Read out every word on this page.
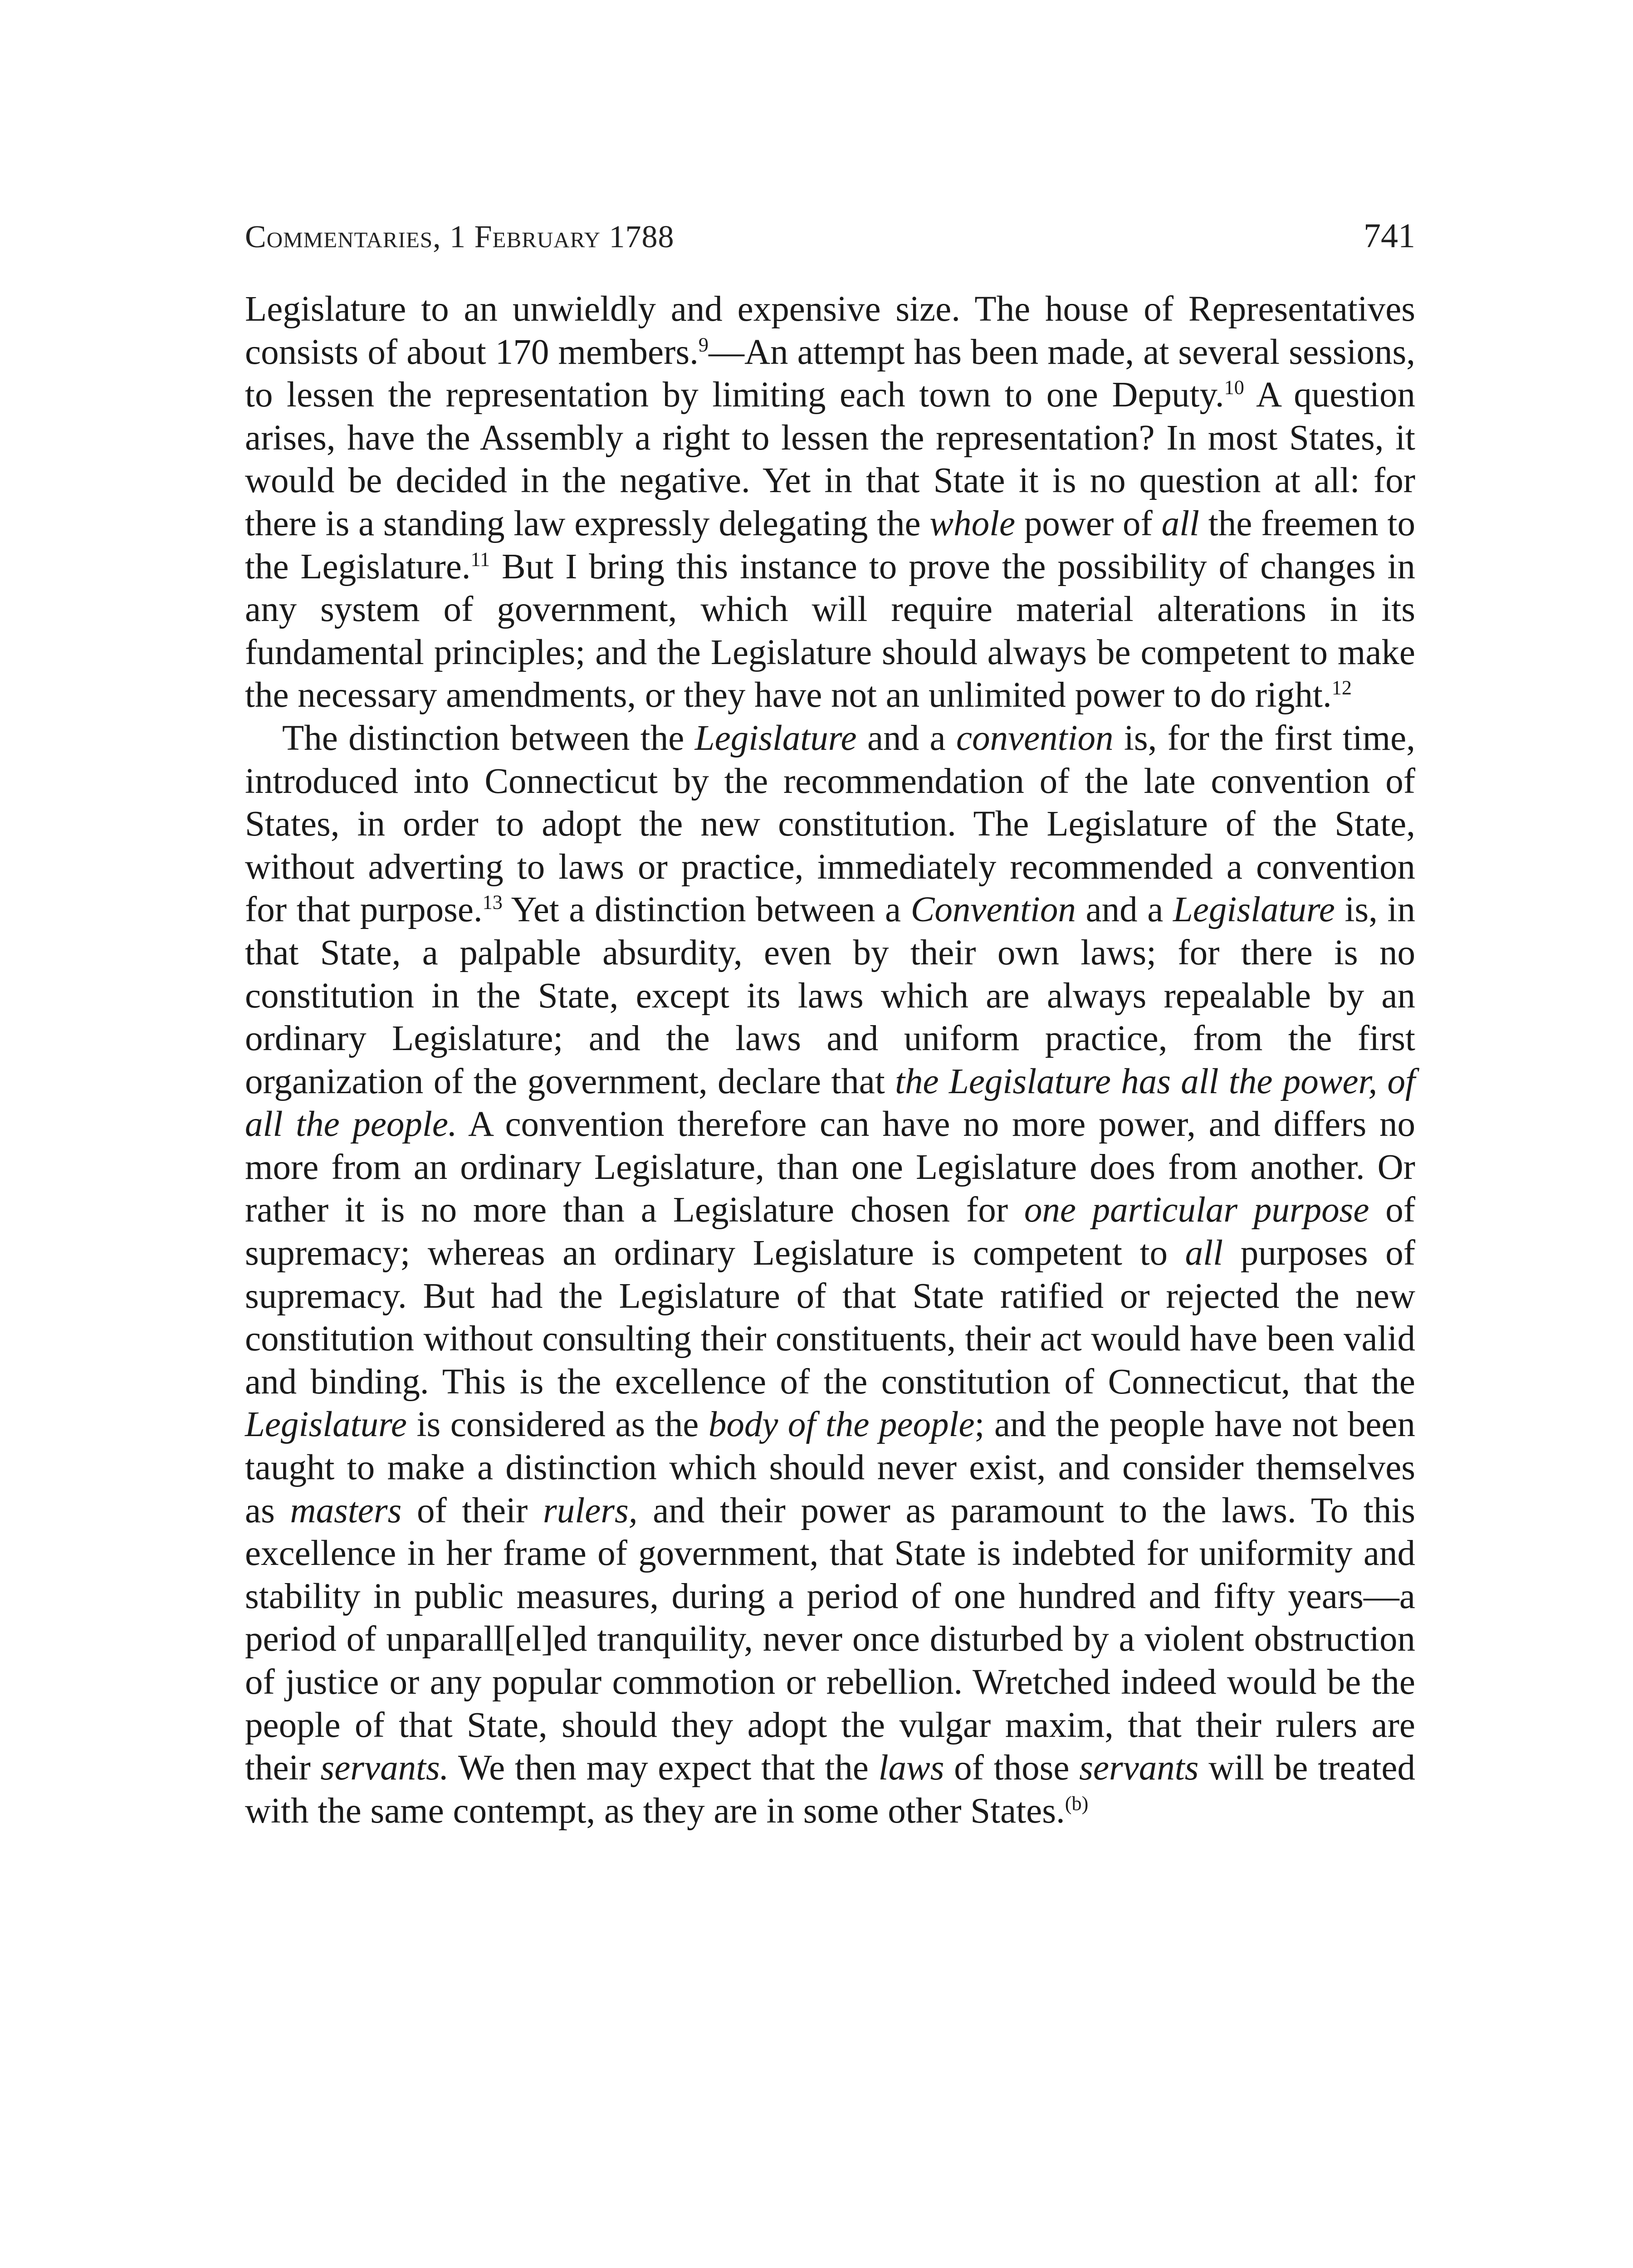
Commentaries, 1 February 1788	741

Legislature to an unwieldly and expensive size. The house of Representatives consists of about 170 members.$^9$—An attempt has been made, at several sessions, to lessen the representation by limiting each town to one Deputy.$^{10}$ A question arises, have the Assembly a right to lessen the representation? In most States, it would be decided in the negative. Yet in that State it is no question at all: for there is a standing law expressly delegating the whole power of all the freemen to the Legislature.$^{11}$ But I bring this instance to prove the possibility of changes in any system of government, which will require material alterations in its fundamental principles; and the Legislature should always be competent to make the necessary amendments, or they have not an unlimited power to do right.$^{12}$

The distinction between the Legislature and a convention is, for the first time, introduced into Connecticut by the recommendation of the late convention of States, in order to adopt the new constitution. The Legislature of the State, without adverting to laws or practice, immediately recommended a convention for that purpose.$^{13}$ Yet a distinction between a Convention and a Legislature is, in that State, a palpable absurdity, even by their own laws; for there is no constitution in the State, except its laws which are always repealable by an ordinary Legislature; and the laws and uniform practice, from the first organization of the government, declare that the Legislature has all the power, of all the people. A convention therefore can have no more power, and differs no more from an ordinary Legislature, than one Legislature does from another. Or rather it is no more than a Legislature chosen for one particular purpose of supremacy; whereas an ordinary Legislature is competent to all purposes of supremacy. But had the Legislature of that State ratified or rejected the new constitution without consulting their constituents, their act would have been valid and binding. This is the excellence of the constitution of Connecticut, that the Legislature is considered as the body of the people; and the people have not been taught to make a distinction which should never exist, and consider themselves as masters of their rulers, and their power as paramount to the laws. To this excellence in her frame of government, that State is indebted for uniformity and stability in public measures, during a period of one hundred and fifty years—a period of unparall[el]ed tranquility, never once disturbed by a violent obstruction of justice or any popular commotion or rebellion. Wretched indeed would be the people of that State, should they adopt the vulgar maxim, that their rulers are their servants. We then may expect that the laws of those servants will be treated with the same contempt, as they are in some other States.$^{(b)}$
